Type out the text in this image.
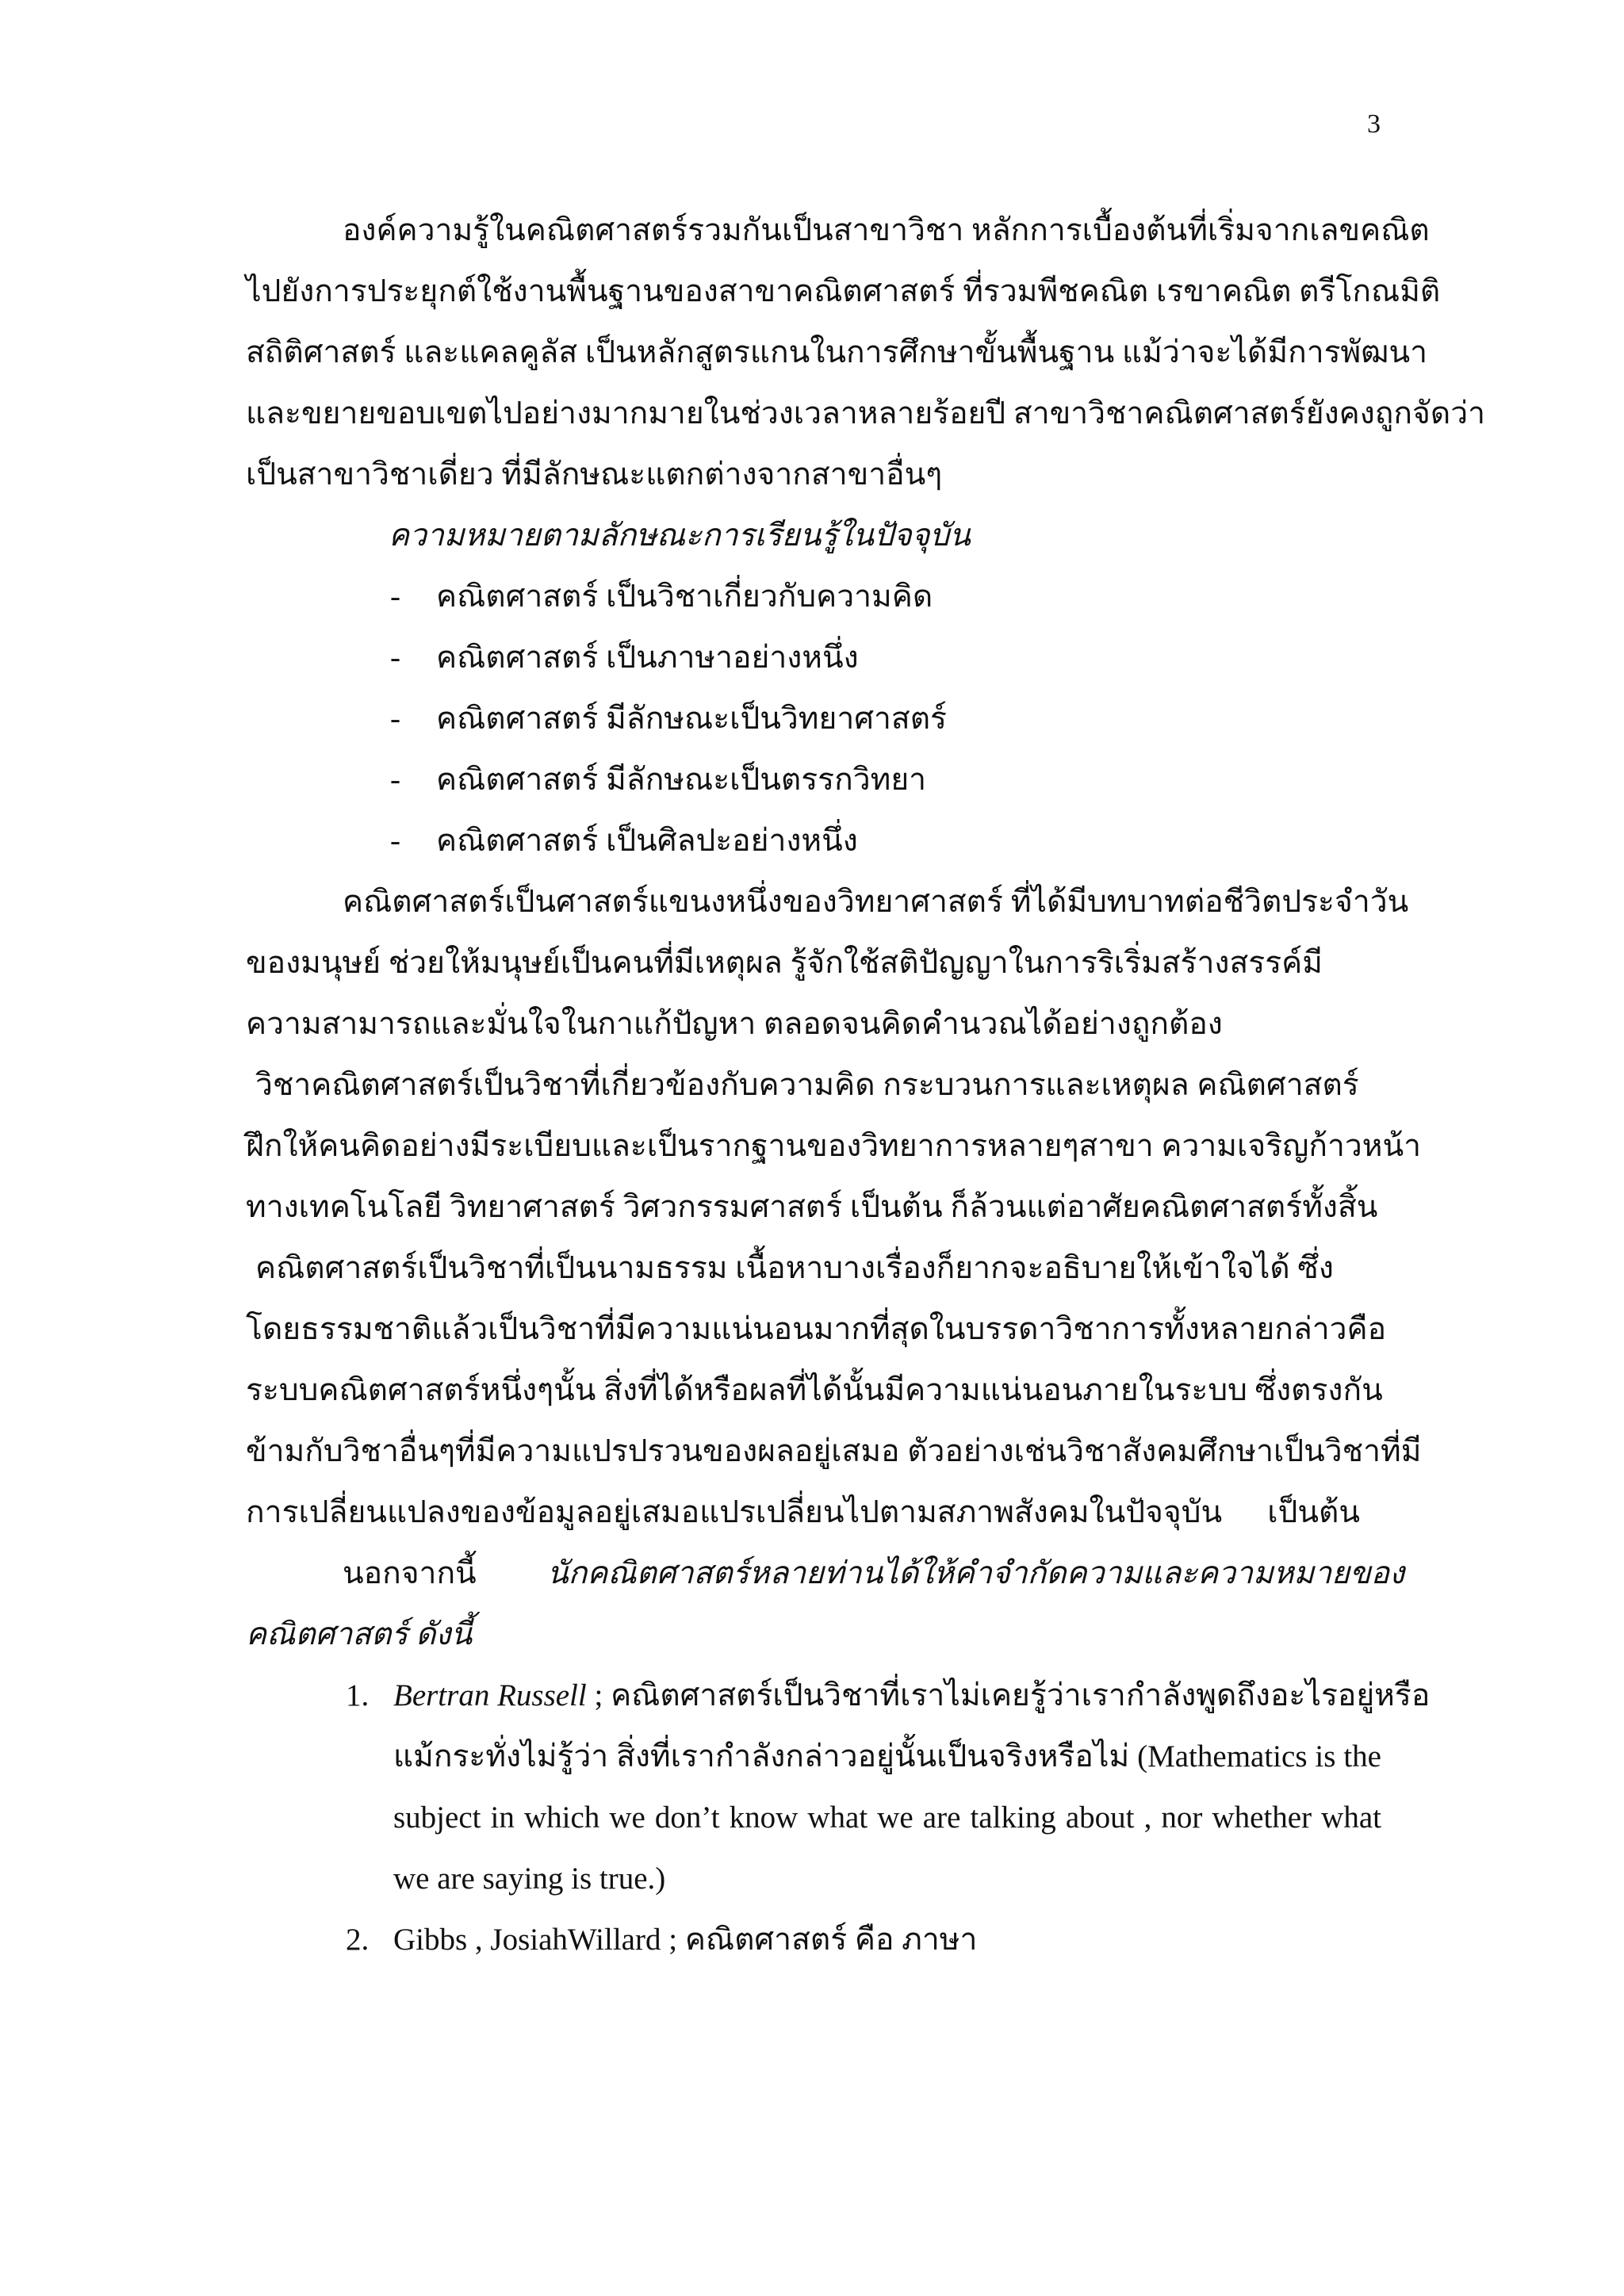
3

องค์ความรู้ในคณิตศาสตร์รวมกันเป็นสาขาวิชา หลักการเบื้องต้นที่เริ่มจากเลขคณิต

ไปยังการประยุกต์ใช้งานพื้นฐานของสาขาคณิตศาสตร์ ที่รวมพีชคณิต เรขาคณิต ตรีโกณมิติ

สถิติศาสตร์ และแคลคูลัส เป็นหลักสูตรแกนในการศึกษาขั้นพื้นฐาน แม้ว่าจะได้มีการพัฒนา

และขยายขอบเขตไปอย่างมากมายในช่วงเวลาหลายร้อยปี สาขาวิชาคณิตศาสตร์ยังคงถูกจัดว่า

เป็นสาขาวิชาเดี่ยว ที่มีลักษณะแตกต่างจากสาขาอื่นๆ

ความหมายตามลักษณะการเรียนรู้ในปัจจุบัน

- คณิตศาสตร์ เป็นวิชาเกี่ยวกับความคิด

- คณิตศาสตร์ เป็นภาษาอย่างหนึ่ง

- คณิตศาสตร์ มีลักษณะเป็นวิทยาศาสตร์

- คณิตศาสตร์ มีลักษณะเป็นตรรกวิทยา

- คณิตศาสตร์ เป็นศิลปะอย่างหนึ่ง

คณิตศาสตร์เป็นศาสตร์แขนงหนึ่งของวิทยาศาสตร์ ที่ได้มีบทบาทต่อชีวิตประจำวัน

ของมนุษย์ ช่วยให้มนุษย์เป็นคนที่มีเหตุผล รู้จักใช้สติปัญญาในการริเริ่มสร้างสรรค์มี

ความสามารถและมั่นใจในกาแก้ปัญหา ตลอดจนคิดคำนวณได้อย่างถูกต้อง

วิชาคณิตศาสตร์เป็นวิชาที่เกี่ยวข้องกับความคิด กระบวนการและเหตุผล คณิตศาสตร์

ฝึกให้คนคิดอย่างมีระเบียบและเป็นรากฐานของวิทยาการหลายๆสาขา ความเจริญก้าวหน้า

ทางเทคโนโลยี วิทยาศาสตร์ วิศวกรรมศาสตร์ เป็นต้น ก็ล้วนแต่อาศัยคณิตศาสตร์ทั้งสิ้น

คณิตศาสตร์เป็นวิชาที่เป็นนามธรรม เนื้อหาบางเรื่องก็ยากจะอธิบายให้เข้าใจได้ ซึ่ง

โดยธรรมชาติแล้วเป็นวิชาที่มีความแน่นอนมากที่สุดในบรรดาวิชาการทั้งหลายกล่าวคือ

ระบบคณิตศาสตร์หนึ่งๆนั้น สิ่งที่ได้หรือผลที่ได้นั้นมีความแน่นอนภายในระบบ ซึ่งตรงกัน

ข้ามกับวิชาอื่นๆที่มีความแปรปรวนของผลอยู่เสมอ ตัวอย่างเช่นวิชาสังคมศึกษาเป็นวิชาที่มี

การเปลี่ยนแปลงของข้อมูลอยู่เสมอแปรเปลี่ยนไปตามสภาพสังคมในปัจจุบัน เป็นต้น

นอกจากนี้ นักคณิตศาสตร์หลายท่านได้ให้คำจำกัดความและความหมายของ

คณิตศาสตร์ ดังนี้

1. Bertran Russell ; คณิตศาสตร์เป็นวิชาที่เราไม่เคยรู้ว่าเรากำลังพูดถึงอะไรอยู่หรือ

แม้กระทั่งไม่รู้ว่า สิ่งที่เรากำลังกล่าวอยู่นั้นเป็นจริงหรือไม่ (Mathematics is the

subject in which we don’t know what we are talking about , nor whether what

we are saying is true.)

2. Gibbs , JosiahWillard ; คณิตศาสตร์ คือ ภาษา
